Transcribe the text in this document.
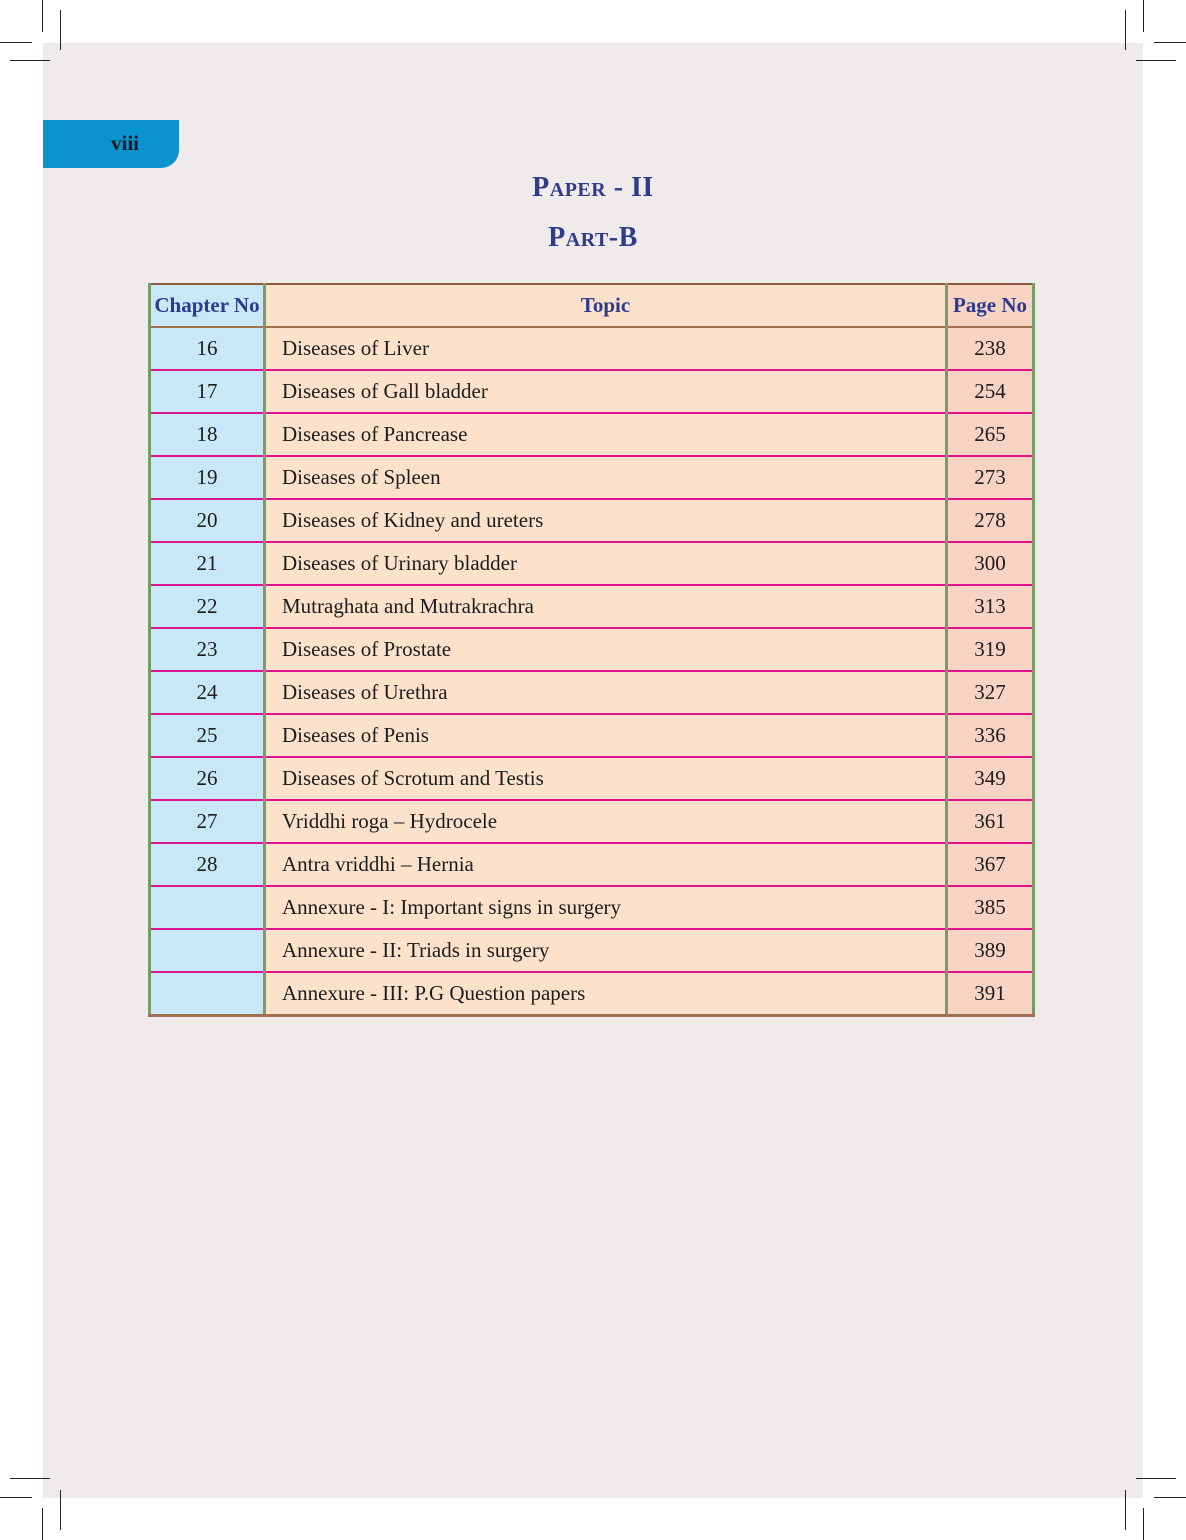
viii
Paper - II
Part-B
Chapter No	Topic	Page No
16	Diseases of Liver	238
17	Diseases of Gall bladder	254
18	Diseases of Pancrease	265
19	Diseases of Spleen	273
20	Diseases of Kidney and ureters	278
21	Diseases of Urinary bladder	300
22	Mutraghata and Mutrakrachra	313
23	Diseases of Prostate	319
24	Diseases of Urethra	327
25	Diseases of Penis	336
26	Diseases of Scrotum and Testis	349
27	Vriddhi roga – Hydrocele	361
28	Antra vriddhi – Hernia	367
	Annexure - I: Important signs in surgery	385
	Annexure - II: Triads in surgery	389
	Annexure - III: P.G Question papers	391
